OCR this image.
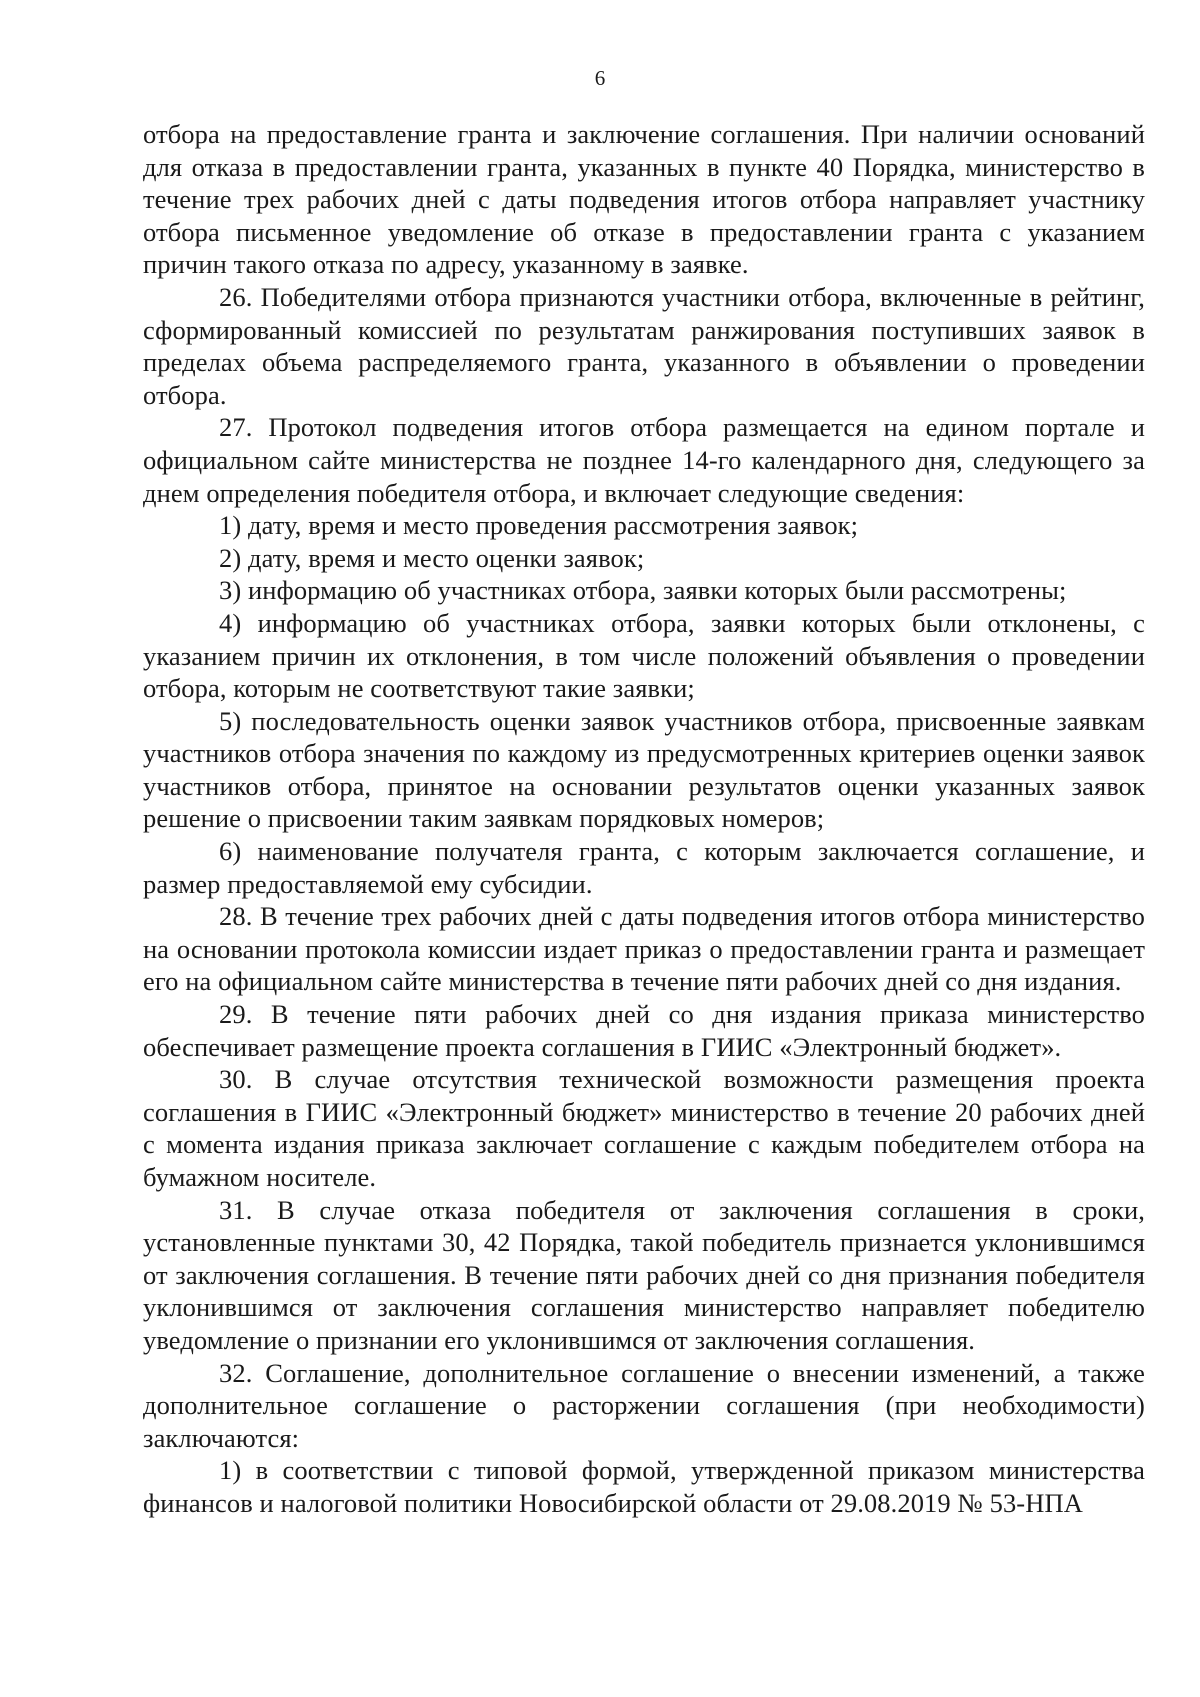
6

отбора на предоставление гранта и заключение соглашения. При наличии оснований для отказа в предоставлении гранта, указанных в пункте 40 Порядка, министерство в течение трех рабочих дней с даты подведения итогов отбора направляет участнику отбора письменное уведомление об отказе в предоставлении гранта с указанием причин такого отказа по адресу, указанному в заявке.

26. Победителями отбора признаются участники отбора, включенные в рейтинг, сформированный комиссией по результатам ранжирования поступивших заявок в пределах объема распределяемого гранта, указанного в объявлении о проведении отбора.

27. Протокол подведения итогов отбора размещается на едином портале и официальном сайте министерства не позднее 14-го календарного дня, следующего за днем определения победителя отбора, и включает следующие сведения:

1) дату, время и место проведения рассмотрения заявок;

2) дату, время и место оценки заявок;

3) информацию об участниках отбора, заявки которых были рассмотрены;

4) информацию об участниках отбора, заявки которых были отклонены, с указанием причин их отклонения, в том числе положений объявления о проведении отбора, которым не соответствуют такие заявки;

5) последовательность оценки заявок участников отбора, присвоенные заявкам участников отбора значения по каждому из предусмотренных критериев оценки заявок участников отбора, принятое на основании результатов оценки указанных заявок решение о присвоении таким заявкам порядковых номеров;

6) наименование получателя гранта, с которым заключается соглашение, и размер предоставляемой ему субсидии.

28. В течение трех рабочих дней с даты подведения итогов отбора министерство на основании протокола комиссии издает приказ о предоставлении гранта и размещает его на официальном сайте министерства в течение пяти рабочих дней со дня издания.

29. В течение пяти рабочих дней со дня издания приказа министерство обеспечивает размещение проекта соглашения в ГИИС «Электронный бюджет».

30. В случае отсутствия технической возможности размещения проекта соглашения в ГИИС «Электронный бюджет» министерство в течение 20 рабочих дней с момента издания приказа заключает соглашение с каждым победителем отбора на бумажном носителе.

31. В случае отказа победителя от заключения соглашения в сроки, установленные пунктами 30, 42 Порядка, такой победитель признается уклонившимся от заключения соглашения. В течение пяти рабочих дней со дня признания победителя уклонившимся от заключения соглашения министерство направляет победителю уведомление о признании его уклонившимся от заключения соглашения.

32. Соглашение, дополнительное соглашение о внесении изменений, а также дополнительное соглашение о расторжении соглашения (при необходимости) заключаются:

1) в соответствии с типовой формой, утвержденной приказом министерства финансов и налоговой политики Новосибирской области от 29.08.2019 № 53-НПА
